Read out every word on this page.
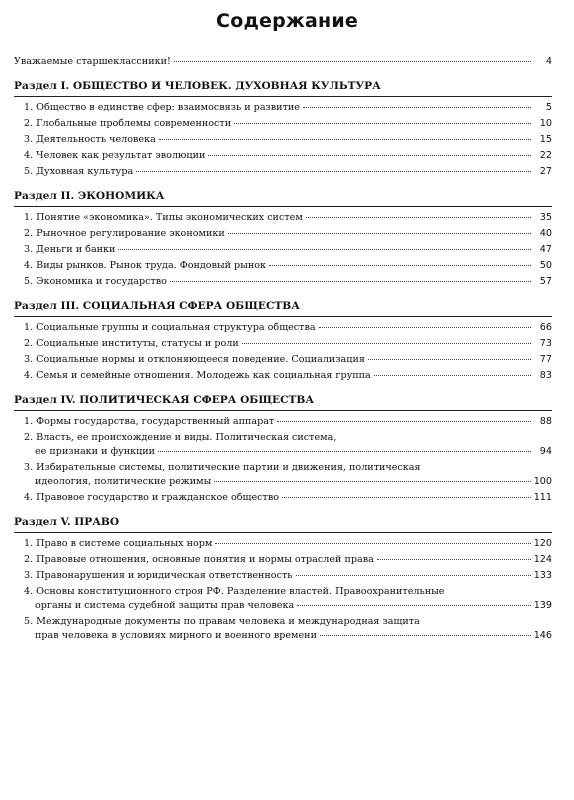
Содержание
Уважаемые старшеклассники!	4
Раздел I. ОБЩЕСТВО И ЧЕЛОВЕК. ДУХОВНАЯ КУЛЬТУРА
1. Общество в единстве сфер: взаимосвязь и развитие	5
2. Глобальные проблемы современности	10
3. Деятельность человека	15
4. Человек как результат эволюции	22
5. Духовная культура	27
Раздел II. ЭКОНОМИКА
1. Понятие «экономика». Типы экономических систем	35
2. Рыночное регулирование экономики	40
3. Деньги и банки	47
4. Виды рынков. Рынок труда. Фондовый рынок	50
5. Экономика и государство	57
Раздел III. СОЦИАЛЬНАЯ СФЕРА ОБЩЕСТВА
1. Социальные группы и социальная структура общества	66
2. Социальные институты, статусы и роли	73
3. Социальные нормы и отклоняющееся поведение. Социализация	77
4. Семья и семейные отношения. Молодежь как социальная группа	83
Раздел IV. ПОЛИТИЧЕСКАЯ СФЕРА ОБЩЕСТВА
1. Формы государства, государственный аппарат	88
2. Власть, ее происхождение и виды. Политическая система,
ее признаки и функции	94
3. Избирательные системы, политические партии и движения, политическая
идеология, политические режимы	100
4. Правовое государство и гражданское общество	111
Раздел V. ПРАВО
1. Право в системе социальных норм	120
2. Правовые отношения, основные понятия и нормы отраслей права	124
3. Правонарушения и юридическая ответственность	133
4. Основы конституционного строя РФ. Разделение властей. Правоохранительные
органы и система судебной защиты прав человека	139
5. Международные документы по правам человека и международная защита
прав человека в условиях мирного и военного времени	146
